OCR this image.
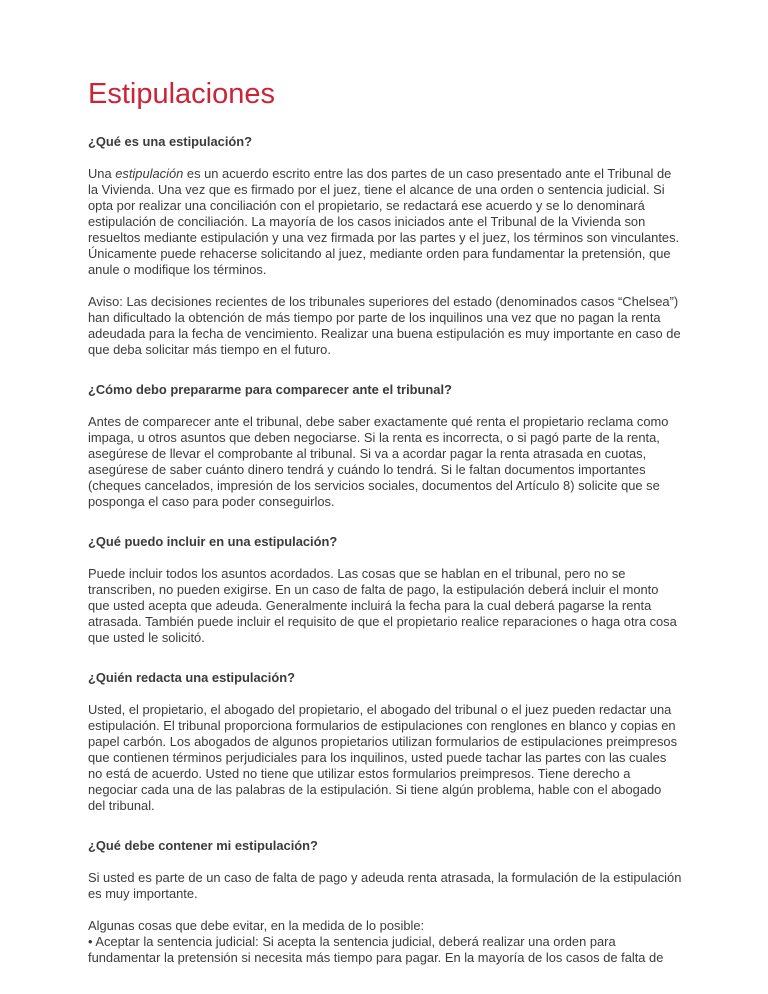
Estipulaciones
¿Qué es una estipulación?

Una estipulación es un acuerdo escrito entre las dos partes de un caso presentado ante el Tribunal de la Vivienda. Una vez que es firmado por el juez, tiene el alcance de una orden o sentencia judicial. Si opta por realizar una conciliación con el propietario, se redactará ese acuerdo y se lo denominará estipulación de conciliación. La mayoría de los casos iniciados ante el Tribunal de la Vivienda son resueltos mediante estipulación y una vez firmada por las partes y el juez, los términos son vinculantes. Únicamente puede rehacerse solicitando al juez, mediante orden para fundamentar la pretensión, que anule o modifique los términos.

Aviso: Las decisiones recientes de los tribunales superiores del estado (denominados casos “Chelsea”) han dificultado la obtención de más tiempo por parte de los inquilinos una vez que no pagan la renta adeudada para la fecha de vencimiento. Realizar una buena estipulación es muy importante en caso de que deba solicitar más tiempo en el futuro.

¿Cómo debo prepararme para comparecer ante el tribunal?

Antes de comparecer ante el tribunal, debe saber exactamente qué renta el propietario reclama como impaga, u otros asuntos que deben negociarse. Si la renta es incorrecta, o si pagó parte de la renta, asegúrese de llevar el comprobante al tribunal. Si va a acordar pagar la renta atrasada en cuotas, asegúrese de saber cuánto dinero tendrá y cuándo lo tendrá. Si le faltan documentos importantes (cheques cancelados, impresión de los servicios sociales, documentos del Artículo 8) solicite que se posponga el caso para poder conseguirlos.

¿Qué puedo incluir en una estipulación?

Puede incluir todos los asuntos acordados. Las cosas que se hablan en el tribunal, pero no se transcriben, no pueden exigirse. En un caso de falta de pago, la estipulación deberá incluir el monto que usted acepta que adeuda. Generalmente incluirá la fecha para la cual deberá pagarse la renta atrasada. También puede incluir el requisito de que el propietario realice reparaciones o haga otra cosa que usted le solicitó.

¿Quién redacta una estipulación?

Usted, el propietario, el abogado del propietario, el abogado del tribunal o el juez pueden redactar una estipulación. El tribunal proporciona formularios de estipulaciones con renglones en blanco y copias en papel carbón. Los abogados de algunos propietarios utilizan formularios de estipulaciones preimpresos que contienen términos perjudiciales para los inquilinos, usted puede tachar las partes con las cuales no está de acuerdo. Usted no tiene que utilizar estos formularios preimpresos. Tiene derecho a negociar cada una de las palabras de la estipulación. Si tiene algún problema, hable con el abogado del tribunal.

¿Qué debe contener mi estipulación?

Si usted es parte de un caso de falta de pago y adeuda renta atrasada, la formulación de la estipulación es muy importante.

Algunas cosas que debe evitar, en la medida de lo posible:

• Aceptar la sentencia judicial: Si acepta la sentencia judicial, deberá realizar una orden para fundamentar la pretensión si necesita más tiempo para pagar. En la mayoría de los casos de falta de
